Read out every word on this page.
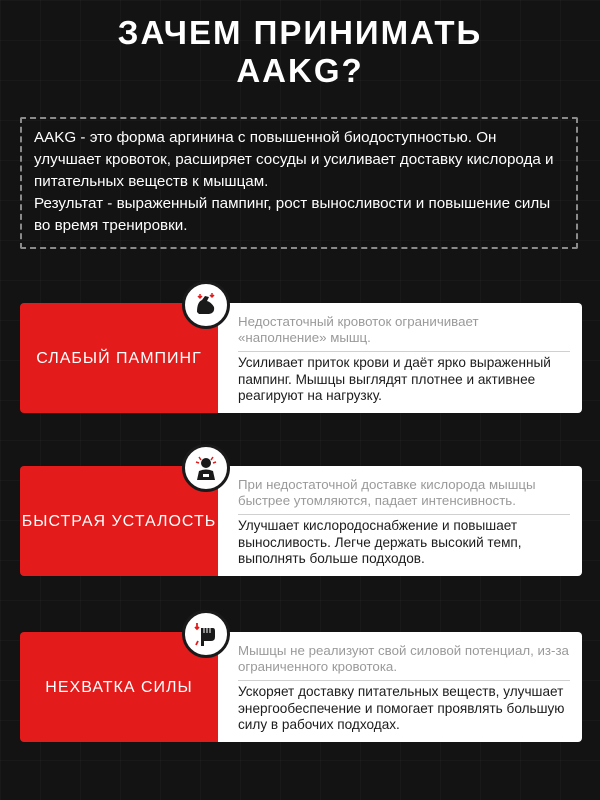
ЗАЧЕМ ПРИНИМАТЬ
AAKG?

AAKG - это форма аргинина с повышенной биодоступностью. Он улучшает кровоток, расширяет сосуды и усиливает доставку кислорода и питательных веществ к мышцам.

Результат - выраженный пампинг, рост выносливости и повышение силы во время тренировки.

СЛАБЫЙ ПАМПИНГ

Недостаточный кровоток ограничивает «наполнение» мышц.

Усиливает приток крови и даёт ярко выраженный пампинг. Мышцы выглядят плотнее и активнее реагируют на нагрузку.

БЫСТРАЯ УСТАЛОСТЬ

При недостаточной доставке кислорода мышцы быстрее утомляются, падает интенсивность.

Улучшает кислородоснабжение и повышает выносливость. Легче держать высокий темп, выполнять больше подходов.

НЕХВАТКА СИЛЫ

Мышцы не реализуют свой силовой потенциал, из-за ограниченного кровотока.

Ускоряет доставку питательных веществ, улучшает энергообеспечение и помогает проявлять большую силу в рабочих подходах.
